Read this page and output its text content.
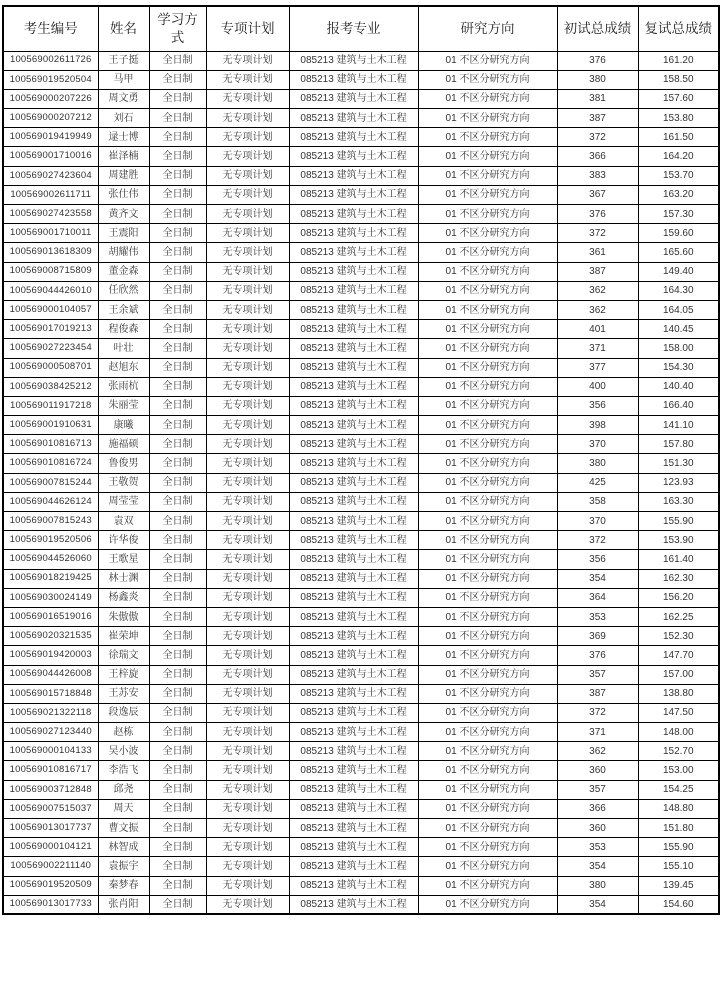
考生编号	姓名	学习方式	专项计划	报考专业	研究方向	初试总成绩	复试总成绩
100569002611726	王子挺	全日制	无专项计划	085213 建筑与土木工程	01 不区分研究方向	376	161.20
100569019520504	马甲	全日制	无专项计划	085213 建筑与土木工程	01 不区分研究方向	380	158.50
100569000207226	周文勇	全日制	无专项计划	085213 建筑与土木工程	01 不区分研究方向	381	157.60
100569000207212	刘石	全日制	无专项计划	085213 建筑与土木工程	01 不区分研究方向	387	153.80
100569019419949	逯士博	全日制	无专项计划	085213 建筑与土木工程	01 不区分研究方向	372	161.50
100569001710016	崔泽楠	全日制	无专项计划	085213 建筑与土木工程	01 不区分研究方向	366	164.20
100569027423604	周建胜	全日制	无专项计划	085213 建筑与土木工程	01 不区分研究方向	383	153.70
100569002611711	张仕伟	全日制	无专项计划	085213 建筑与土木工程	01 不区分研究方向	367	163.20
100569027423558	黄齐文	全日制	无专项计划	085213 建筑与土木工程	01 不区分研究方向	376	157.30
100569001710011	王震阳	全日制	无专项计划	085213 建筑与土木工程	01 不区分研究方向	372	159.60
100569013618309	胡耀伟	全日制	无专项计划	085213 建筑与土木工程	01 不区分研究方向	361	165.60
100569008715809	董金森	全日制	无专项计划	085213 建筑与土木工程	01 不区分研究方向	387	149.40
100569044426010	任欣然	全日制	无专项计划	085213 建筑与土木工程	01 不区分研究方向	362	164.30
100569000104057	王余斌	全日制	无专项计划	085213 建筑与土木工程	01 不区分研究方向	362	164.05
100569017019213	程俊森	全日制	无专项计划	085213 建筑与土木工程	01 不区分研究方向	401	140.45
100569027223454	叶壮	全日制	无专项计划	085213 建筑与土木工程	01 不区分研究方向	371	158.00
100569000508701	赵旭东	全日制	无专项计划	085213 建筑与土木工程	01 不区分研究方向	377	154.30
100569038425212	张雨杭	全日制	无专项计划	085213 建筑与土木工程	01 不区分研究方向	400	140.40
100569011917218	朱丽莹	全日制	无专项计划	085213 建筑与土木工程	01 不区分研究方向	356	166.40
100569001910631	康曦	全日制	无专项计划	085213 建筑与土木工程	01 不区分研究方向	398	141.10
100569010816713	施福硕	全日制	无专项计划	085213 建筑与土木工程	01 不区分研究方向	370	157.80
100569010816724	鲁俊男	全日制	无专项计划	085213 建筑与土木工程	01 不区分研究方向	380	151.30
100569007815244	王敬贺	全日制	无专项计划	085213 建筑与土木工程	01 不区分研究方向	425	123.93
100569044626124	周莹莹	全日制	无专项计划	085213 建筑与土木工程	01 不区分研究方向	358	163.30
100569007815243	袁双	全日制	无专项计划	085213 建筑与土木工程	01 不区分研究方向	370	155.90
100569019520506	许华俊	全日制	无专项计划	085213 建筑与土木工程	01 不区分研究方向	372	153.90
100569044526060	王歌星	全日制	无专项计划	085213 建筑与土木工程	01 不区分研究方向	356	161.40
100569018219425	林士渊	全日制	无专项计划	085213 建筑与土木工程	01 不区分研究方向	354	162.30
100569030024149	杨鑫炎	全日制	无专项计划	085213 建筑与土木工程	01 不区分研究方向	364	156.20
100569016519016	朱傲傲	全日制	无专项计划	085213 建筑与土木工程	01 不区分研究方向	353	162.25
100569020321535	崔荣坤	全日制	无专项计划	085213 建筑与土木工程	01 不区分研究方向	369	152.30
100569019420003	徐瑞文	全日制	无专项计划	085213 建筑与土木工程	01 不区分研究方向	376	147.70
100569044426008	王梓旋	全日制	无专项计划	085213 建筑与土木工程	01 不区分研究方向	357	157.00
100569015718848	王苏安	全日制	无专项计划	085213 建筑与土木工程	01 不区分研究方向	387	138.80
100569021322118	段逸辰	全日制	无专项计划	085213 建筑与土木工程	01 不区分研究方向	372	147.50
100569027123440	赵栋	全日制	无专项计划	085213 建筑与土木工程	01 不区分研究方向	371	148.00
100569000104133	吴小波	全日制	无专项计划	085213 建筑与土木工程	01 不区分研究方向	362	152.70
100569010816717	李浩飞	全日制	无专项计划	085213 建筑与土木工程	01 不区分研究方向	360	153.00
100569003712848	邱尧	全日制	无专项计划	085213 建筑与土木工程	01 不区分研究方向	357	154.25
100569007515037	周天	全日制	无专项计划	085213 建筑与土木工程	01 不区分研究方向	366	148.80
100569013017737	曹文振	全日制	无专项计划	085213 建筑与土木工程	01 不区分研究方向	360	151.80
100569000104121	林智成	全日制	无专项计划	085213 建筑与土木工程	01 不区分研究方向	353	155.90
100569002211140	袁振宇	全日制	无专项计划	085213 建筑与土木工程	01 不区分研究方向	354	155.10
100569019520509	秦梦春	全日制	无专项计划	085213 建筑与土木工程	01 不区分研究方向	380	139.45
100569013017733	张肖阳	全日制	无专项计划	085213 建筑与土木工程	01 不区分研究方向	354	154.60
